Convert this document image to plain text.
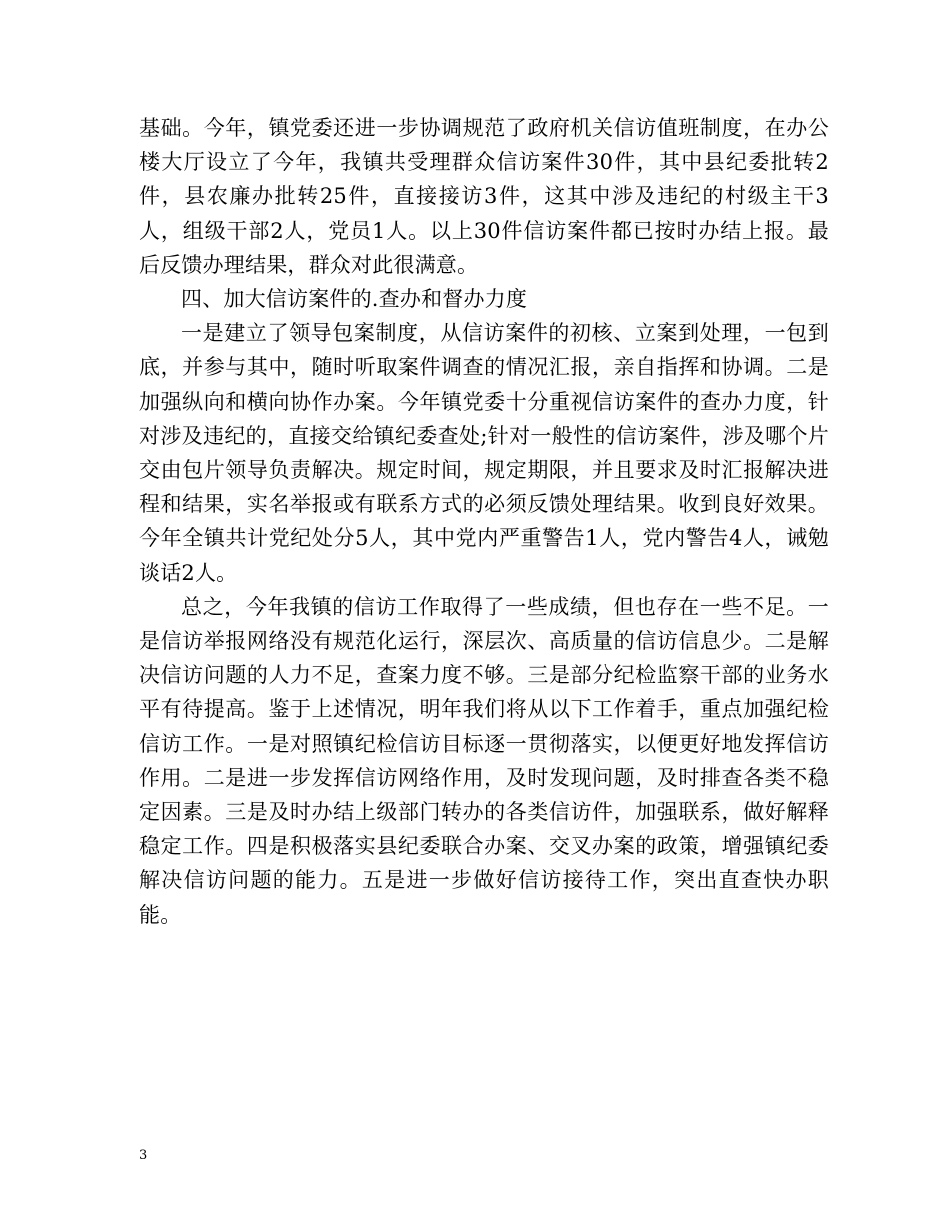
基础。今年，镇党委还进一步协调规范了政府机关信访值班制度，在办公楼大厅设立了今年，我镇共受理群众信访案件30件，其中县纪委批转2件，县农廉办批转25件，直接接访3件，这其中涉及违纪的村级主干3人，组级干部2人，党员1人。以上30件信访案件都已按时办结上报。最后反馈办理结果，群众对此很满意。

四、加大信访案件的.查办和督办力度

一是建立了领导包案制度，从信访案件的初核、立案到处理，一包到底，并参与其中，随时听取案件调查的情况汇报，亲自指挥和协调。二是加强纵向和横向协作办案。今年镇党委十分重视信访案件的查办力度，针对涉及违纪的，直接交给镇纪委查处;针对一般性的信访案件，涉及哪个片交由包片领导负责解决。规定时间，规定期限，并且要求及时汇报解决进程和结果，实名举报或有联系方式的必须反馈处理结果。收到良好效果。今年全镇共计党纪处分5人，其中党内严重警告1人，党内警告4人，诫勉谈话2人。

总之，今年我镇的信访工作取得了一些成绩，但也存在一些不足。一是信访举报网络没有规范化运行，深层次、高质量的信访信息少。二是解决信访问题的人力不足，查案力度不够。三是部分纪检监察干部的业务水平有待提高。鉴于上述情况，明年我们将从以下工作着手，重点加强纪检信访工作。一是对照镇纪检信访目标逐一贯彻落实，以便更好地发挥信访作用。二是进一步发挥信访网络作用，及时发现问题，及时排查各类不稳定因素。三是及时办结上级部门转办的各类信访件，加强联系，做好解释稳定工作。四是积极落实县纪委联合办案、交叉办案的政策，增强镇纪委解决信访问题的能力。五是进一步做好信访接待工作，突出直查快办职能。

3
